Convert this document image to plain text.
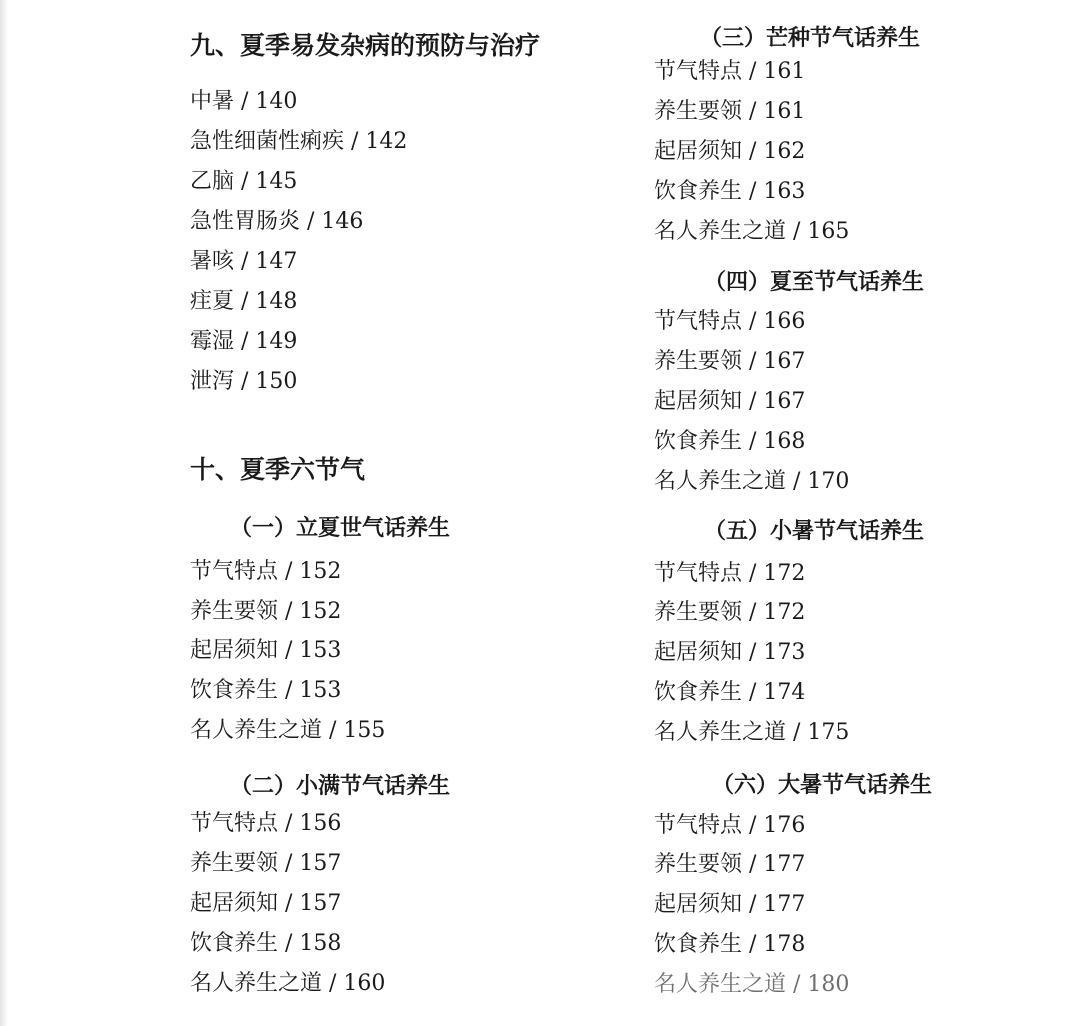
九、夏季易发杂病的预防与治疗
中暑 / 140
急性细菌性痢疾 / 142
乙脑 / 145
急性胃肠炎 / 146
暑咳 / 147
疰夏 / 148
霉湿 / 149
泄泻 / 150
十、夏季六节气
（一）立夏世气话养生
节气特点 / 152
养生要领 / 152
起居须知 / 153
饮食养生 / 153
名人养生之道 / 155
（二）小满节气话养生
节气特点 / 156
养生要领 / 157
起居须知 / 157
饮食养生 / 158
名人养生之道 / 160
（三）芒种节气话养生
节气特点 / 161
养生要领 / 161
起居须知 / 162
饮食养生 / 163
名人养生之道 / 165
（四）夏至节气话养生
节气特点 / 166
养生要领 / 167
起居须知 / 167
饮食养生 / 168
名人养生之道 / 170
（五）小暑节气话养生
节气特点 / 172
养生要领 / 172
起居须知 / 173
饮食养生 / 174
名人养生之道 / 175
（六）大暑节气话养生
节气特点 / 176
养生要领 / 177
起居须知 / 177
饮食养生 / 178
名人养生之道 / 180
